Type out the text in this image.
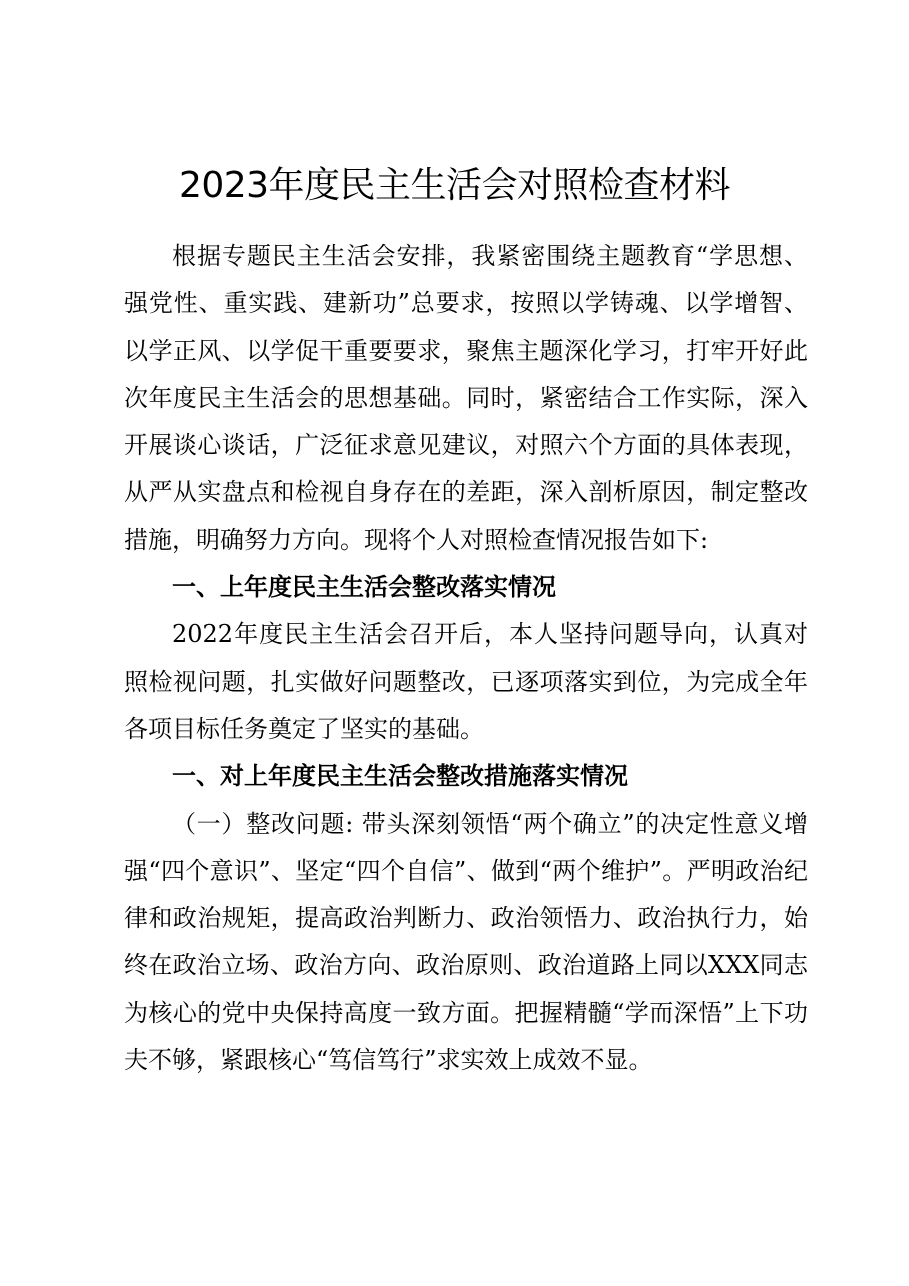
2023年度民主生活会对照检查材料

根据专题民主生活会安排，我紧密围绕主题教育“学思想、强党性、重实践、建新功”总要求，按照以学铸魂、以学增智、以学正风、以学促干重要要求，聚焦主题深化学习，打牢开好此次年度民主生活会的思想基础。同时，紧密结合工作实际，深入开展谈心谈话，广泛征求意见建议，对照六个方面的具体表现，从严从实盘点和检视自身存在的差距，深入剖析原因，制定整改措施，明确努力方向。现将个人对照检查情况报告如下:

一、上年度民主生活会整改落实情况

2022年度民主生活会召开后，本人坚持问题导向，认真对照检视问题，扎实做好问题整改，已逐项落实到位，为完成全年各项目标任务奠定了坚实的基础。

一、对上年度民主生活会整改措施落实情况

（一）整改问题: 带头深刻领悟“两个确立”的决定性意义增强“四个意识”、坚定“四个自信”、做到“两个维护”。严明政治纪律和政治规矩，提高政治判断力、政治领悟力、政治执行力，始终在政治立场、政治方向、政治原则、政治道路上同以XXX同志为核心的党中央保持高度一致方面。把握精髓“学而深悟”上下功夫不够，紧跟核心“笃信笃行”求实效上成效不显。
